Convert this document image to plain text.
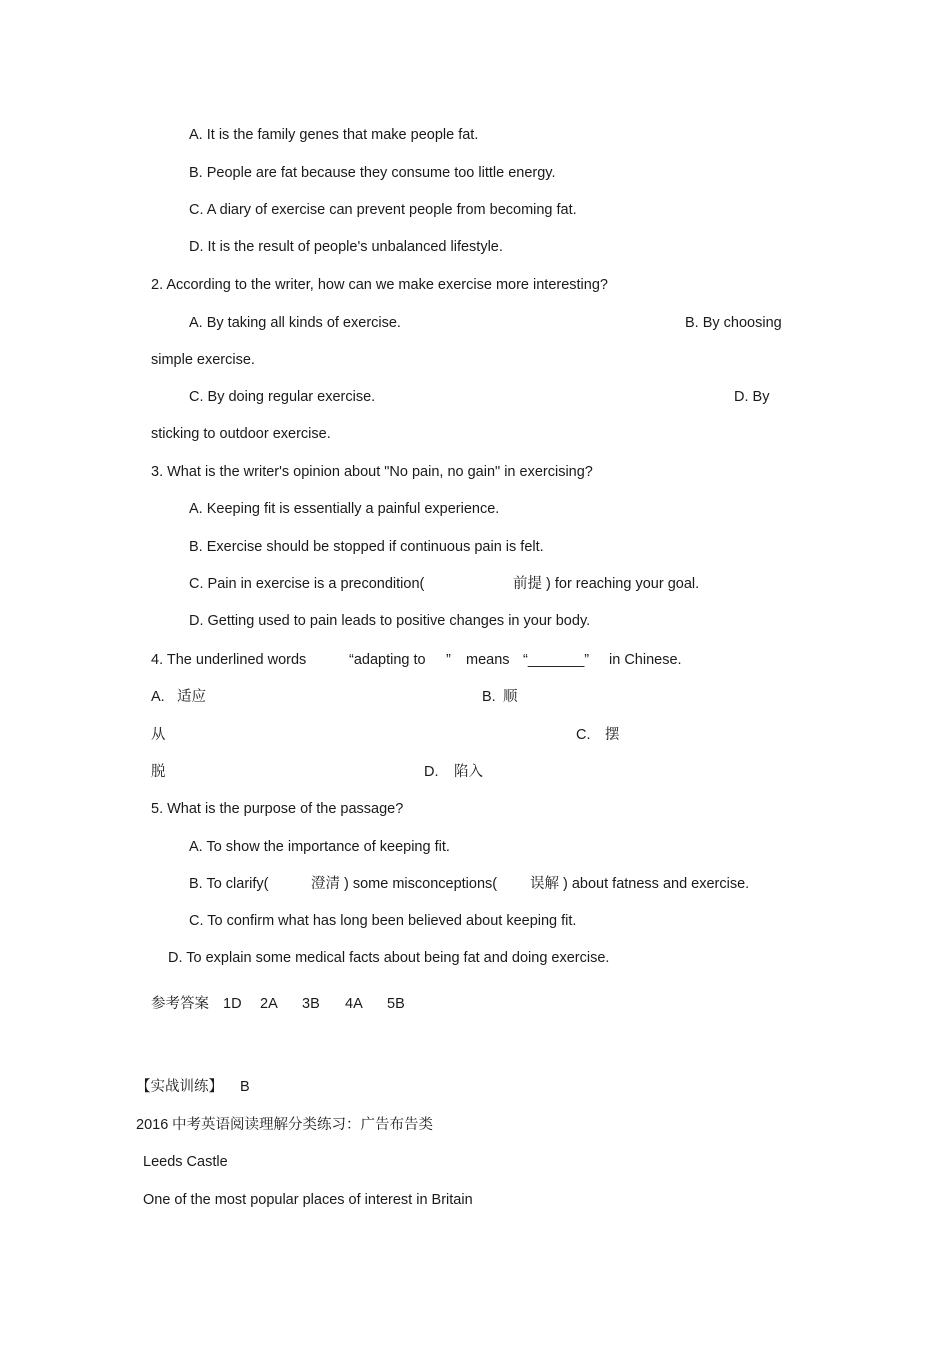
A. It is the family genes that make people fat.
B. People are fat because they consume too little energy.
C. A diary of exercise can prevent people from becoming fat.
D. It is the result of people's unbalanced lifestyle.
2. According to the writer, how can we make exercise more interesting?
A. By taking all kinds of exercise.	B. By choosing
simple exercise.
C. By doing regular exercise.	D. By
sticking to outdoor exercise.
3. What is the writer's opinion about "No pain, no gain" in exercising?
A. Keeping fit is essentially a painful experience.
B. Exercise should be stopped if continuous pain is felt.
C. Pain in exercise is a precondition(	前提 ) for reaching your goal.
D. Getting used to pain leads to positive changes in your body.
4. The underlined words	“adapting to ” means “_______” in Chinese.
A. 适应	B. 顺
从	C. 摆
脱	D. 陷入
5. What is the purpose of the passage?
A. To show the importance of keeping fit.
B. To clarify(	澄清 ) some misconceptions( 误解 ) about fatness and exercise.
C. To confirm what has long been believed about keeping fit.
D. To explain some medical facts about being fat and doing exercise.
参考答案 1D 2A 3B 4A 5B
【实战训练】 B
2016 中考英语阅读理解分类练习：广告布告类
Leeds Castle
One of the most popular places of interest in Britain
